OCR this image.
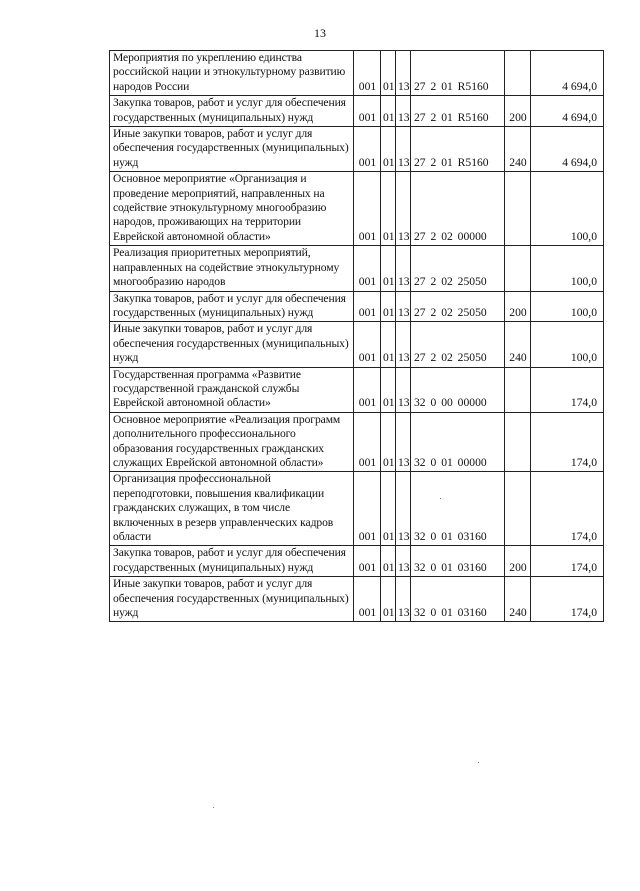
13
Мероприятия по укреплению единства российской нации и этнокультурному развитию народов России	001	01	13	27 2 01 R5160		4 694,0
Закупка товаров, работ и услуг для обеспечения государственных (муниципальных) нужд	001	01	13	27 2 01 R5160	200	4 694,0
Иные закупки товаров, работ и услуг для обеспечения государственных (муниципальных) нужд	001	01	13	27 2 01 R5160	240	4 694,0
Основное мероприятие «Организация и проведение мероприятий, направленных на содействие этнокультурному многообразию народов, проживающих на территории Еврейской автономной области»	001	01	13	27 2 02 00000		100,0
Реализация приоритетных мероприятий, направленных на содействие этнокультурному многообразию народов	001	01	13	27 2 02 25050		100,0
Закупка товаров, работ и услуг для обеспечения государственных (муниципальных) нужд	001	01	13	27 2 02 25050	200	100,0
Иные закупки товаров, работ и услуг для обеспечения государственных (муниципальных) нужд	001	01	13	27 2 02 25050	240	100,0
Государственная программа «Развитие государственной гражданской службы Еврейской автономной области»	001	01	13	32 0 00 00000		174,0
Основное мероприятие «Реализация программ дополнительного профессионального образования государственных гражданских служащих Еврейской автономной области»	001	01	13	32 0 01 00000		174,0
Организация профессиональной переподготовки, повышения квалификации гражданских служащих, в том числе включенных в резерв управленческих кадров области	001	01	13	32 0 01 03160		174,0
Закупка товаров, работ и услуг для обеспечения государственных (муниципальных) нужд	001	01	13	32 0 01 03160	200	174,0
Иные закупки товаров, работ и услуг для обеспечения государственных (муниципальных) нужд	001	01	13	32 0 01 03160	240	174,0
